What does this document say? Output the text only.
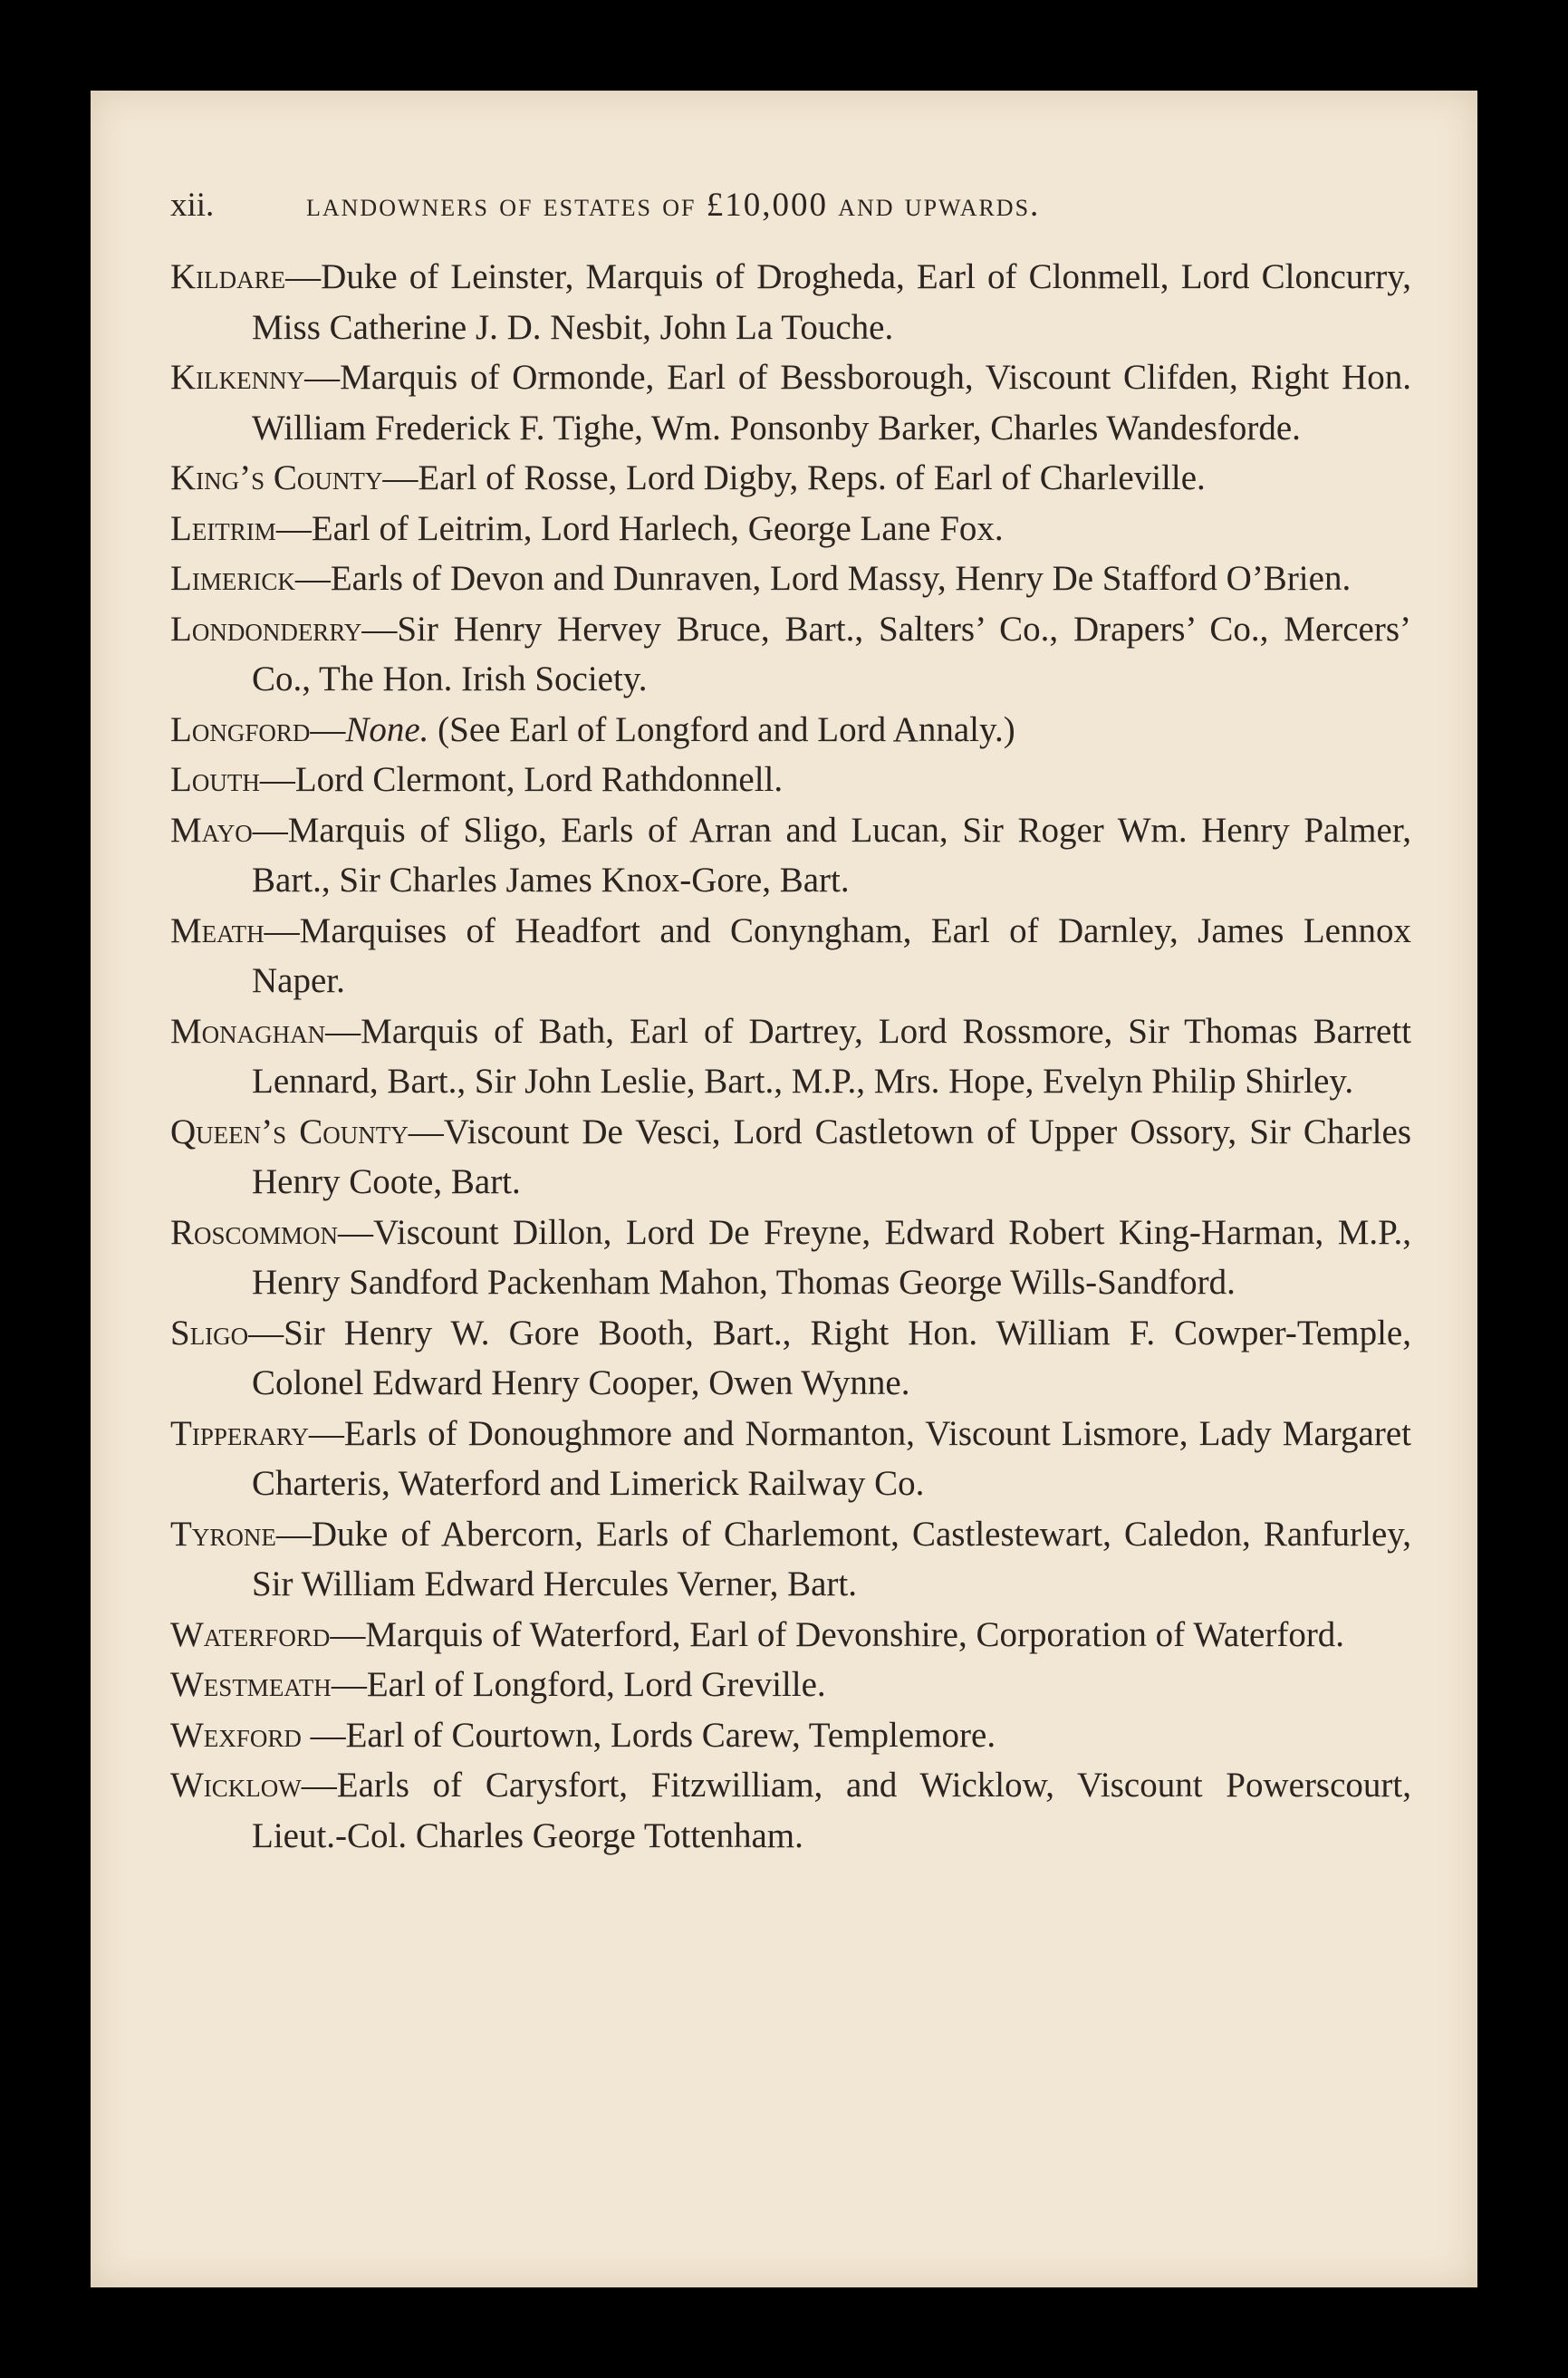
xii.	landowners of estates of £10,000 and upwards.

Kildare—Duke of Leinster, Marquis of Drogheda, Earl of Clonmell, Lord Cloncurry, Miss Catherine J. D. Nesbit, John La Touche.

Kilkenny—Marquis of Ormonde, Earl of Bessborough, Viscount Clifden, Right Hon. William Frederick F. Tighe, Wm. Ponsonby Barker, Charles Wandesforde.

King’s County—Earl of Rosse, Lord Digby, Reps. of Earl of Charleville.

Leitrim—Earl of Leitrim, Lord Harlech, George Lane Fox.

Limerick—Earls of Devon and Dunraven, Lord Massy, Henry De Stafford O’Brien.

Londonderry—Sir Henry Hervey Bruce, Bart., Salters’ Co., Drapers’ Co., Mercers’ Co., The Hon. Irish Society.

Longford—None. (See Earl of Longford and Lord Annaly.)

Louth—Lord Clermont, Lord Rathdonnell.

Mayo—Marquis of Sligo, Earls of Arran and Lucan, Sir Roger Wm. Henry Palmer, Bart., Sir Charles James Knox-Gore, Bart.

Meath—Marquises of Headfort and Conyngham, Earl of Darnley, James Lennox Naper.

Monaghan—Marquis of Bath, Earl of Dartrey, Lord Rossmore, Sir Thomas Barrett Lennard, Bart., Sir John Leslie, Bart., M.P., Mrs. Hope, Evelyn Philip Shirley.

Queen’s County—Viscount De Vesci, Lord Castletown of Upper Ossory, Sir Charles Henry Coote, Bart.

Roscommon—Viscount Dillon, Lord De Freyne, Edward Robert King-Harman, M.P., Henry Sandford Packenham Mahon, Thomas George Wills-Sandford.

Sligo—Sir Henry W. Gore Booth, Bart., Right Hon. William F. Cowper-Temple, Colonel Edward Henry Cooper, Owen Wynne.

Tipperary—Earls of Donoughmore and Normanton, Viscount Lismore, Lady Margaret Charteris, Waterford and Limerick Railway Co.

Tyrone—Duke of Abercorn, Earls of Charlemont, Castlestewart, Caledon, Ranfurley, Sir William Edward Hercules Verner, Bart.

Waterford—Marquis of Waterford, Earl of Devonshire, Corporation of Waterford.

Westmeath—Earl of Longford, Lord Greville.

Wexford —Earl of Courtown, Lords Carew, Templemore.

Wicklow—Earls of Carysfort, Fitzwilliam, and Wicklow, Viscount Powerscourt, Lieut.-Col. Charles George Tottenham.
